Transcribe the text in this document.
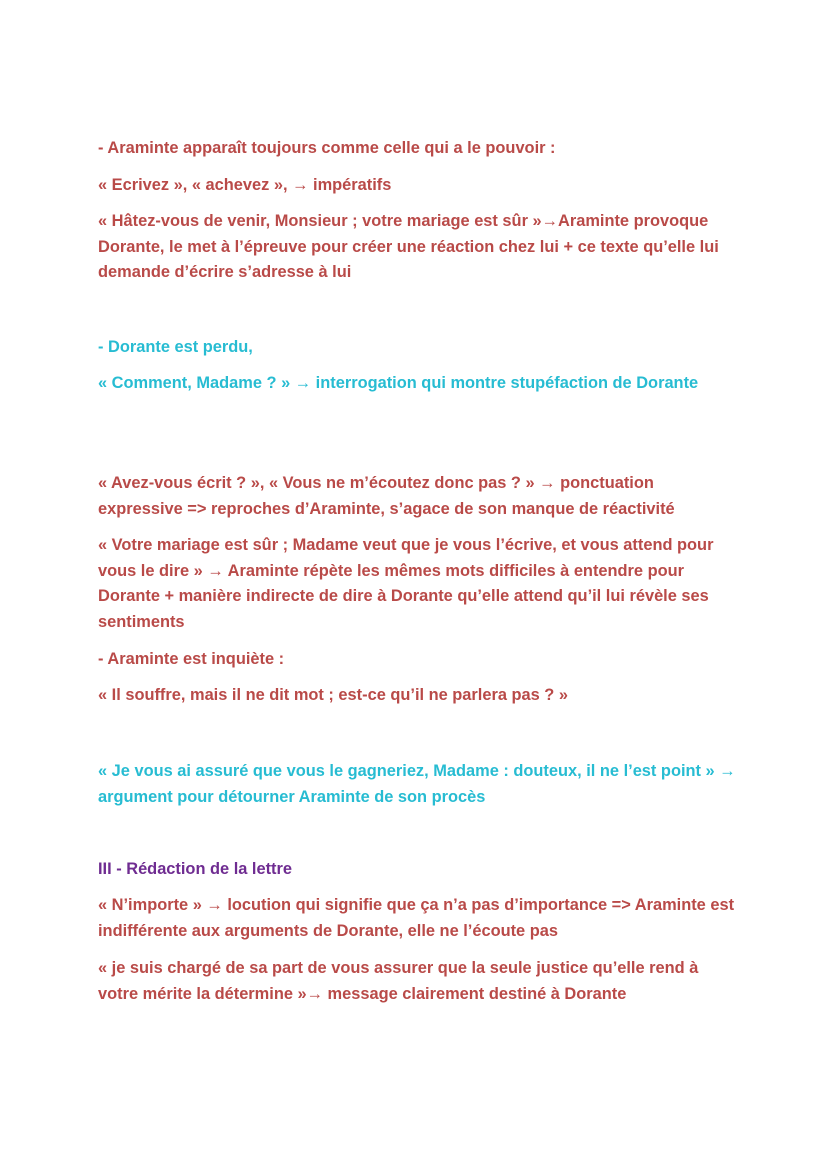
- Araminte apparaît toujours comme celle qui a le pouvoir :

« Ecrivez », « achevez », → impératifs

« Hâtez-vous de venir, Monsieur ; votre mariage est sûr »→Araminte provoque Dorante, le met à l’épreuve pour créer une réaction chez lui + ce texte qu’elle lui demande d’écrire s’adresse à lui

- Dorante est perdu,

« Comment, Madame ? » → interrogation qui montre stupéfaction de Dorante

« Avez-vous écrit ? », « Vous ne m’écoutez donc pas ? » → ponctuation expressive => reproches d’Araminte, s’agace de son manque de réactivité

« Votre mariage est sûr ; Madame veut que je vous l’écrive, et vous attend pour vous le dire » → Araminte répète les mêmes mots difficiles à entendre pour Dorante + manière indirecte de dire à Dorante qu’elle attend qu’il lui révèle ses sentiments

- Araminte est inquiète :

« Il souffre, mais il ne dit mot ; est-ce qu’il ne parlera pas ? »

« Je vous ai assuré que vous le gagneriez, Madame : douteux, il ne l’est point » → argument pour détourner Araminte de son procès

III - Rédaction de la lettre

« N’importe » → locution qui signifie que ça n’a pas d’importance => Araminte est indifférente aux arguments de Dorante, elle ne l’écoute pas

« je suis chargé de sa part de vous assurer que la seule justice qu’elle rend à votre mérite la détermine »→ message clairement destiné à Dorante
